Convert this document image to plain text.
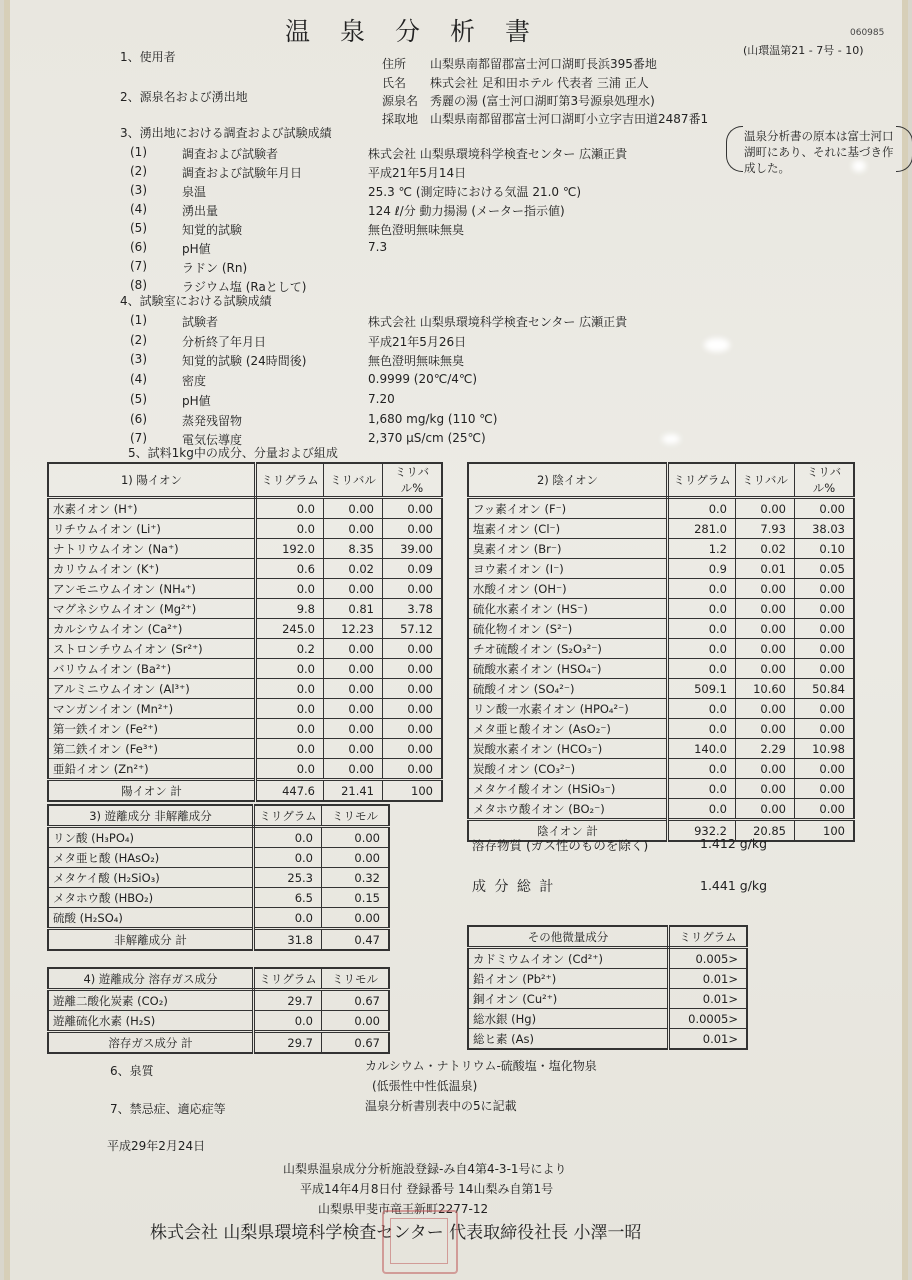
温泉分析書	060985
(山環温第21 - 7号 - 10)
1、使用者	住所 山梨県南都留郡富士河口湖町長浜395番地
氏名 株式会社 足和田ホテル 代表者 三浦 正人
2、源泉名および湧出地	源泉名 秀麗の湯 (富士河口湖町第3号源泉処理水)
採取地 山梨県南都留郡富士河口湖町小立字吉田道2487番1
温泉分析書の原本は富士河口湖町にあり、それに基づき作成した。
3、湧出地における調査および試験成績
(1)	調査および試験者	株式会社 山梨県環境科学検査センター 広瀬正貴
(2)	調査および試験年月日	平成21年5月14日
(3)	泉温	25.3 ℃ (測定時における気温 21.0 ℃)
(4)	湧出量	124 ℓ/分 動力揚湯 (メーター指示値)
(5)	知覚的試験	無色澄明無味無臭
(6)	pH値	7.3
(7)	ラドン (Rn)
(8)	ラジウム塩 (Raとして)
4、試験室における試験成績
(1)	試験者	株式会社 山梨県環境科学検査センター 広瀬正貴
(2)	分析終了年月日	平成21年5月26日
(3)	知覚的試験 (24時間後)	無色澄明無味無臭
(4)	密度	0.9999 (20℃/4℃)
(5)	pH値	7.20
(6)	蒸発残留物	1,680 mg/kg (110 ℃)
(7)	電気伝導度	2,370 μS/cm (25℃)
5、試料1kg中の成分、分量および組成
1) 陽イオン	ミリグラム	ミリバル	ミリバル%
水素イオン (H⁺)	0.0	0.00	0.00
リチウムイオン (Li⁺)	0.0	0.00	0.00
ナトリウムイオン (Na⁺)	192.0	8.35	39.00
カリウムイオン (K⁺)	0.6	0.02	0.09
アンモニウムイオン (NH₄⁺)	0.0	0.00	0.00
マグネシウムイオン (Mg²⁺)	9.8	0.81	3.78
カルシウムイオン (Ca²⁺)	245.0	12.23	57.12
ストロンチウムイオン (Sr²⁺)	0.2	0.00	0.00
バリウムイオン (Ba²⁺)	0.0	0.00	0.00
アルミニウムイオン (Al³⁺)	0.0	0.00	0.00
マンガンイオン (Mn²⁺)	0.0	0.00	0.00
第一鉄イオン (Fe²⁺)	0.0	0.00	0.00
第二鉄イオン (Fe³⁺)	0.0	0.00	0.00
亜鉛イオン (Zn²⁺)	0.0	0.00	0.00
陽イオン 計	447.6	21.41	100
2) 陰イオン	ミリグラム	ミリバル	ミリバル%
フッ素イオン (F⁻)	0.0	0.00	0.00
塩素イオン (Cl⁻)	281.0	7.93	38.03
臭素イオン (Br⁻)	1.2	0.02	0.10
ヨウ素イオン (I⁻)	0.9	0.01	0.05
水酸イオン (OH⁻)	0.0	0.00	0.00
硫化水素イオン (HS⁻)	0.0	0.00	0.00
硫化物イオン (S²⁻)	0.0	0.00	0.00
チオ硫酸イオン (S₂O₃²⁻)	0.0	0.00	0.00
硫酸水素イオン (HSO₄⁻)	0.0	0.00	0.00
硫酸イオン (SO₄²⁻)	509.1	10.60	50.84
リン酸一水素イオン (HPO₄²⁻)	0.0	0.00	0.00
メタ亜ヒ酸イオン (AsO₂⁻)	0.0	0.00	0.00
炭酸水素イオン (HCO₃⁻)	140.0	2.29	10.98
炭酸イオン (CO₃²⁻)	0.0	0.00	0.00
メタケイ酸イオン (HSiO₃⁻)	0.0	0.00	0.00
メタホウ酸イオン (BO₂⁻)	0.0	0.00	0.00
陰イオン 計	932.2	20.85	100
3) 遊離成分 非解離成分	ミリグラム	ミリモル
リン酸 (H₃PO₄)	0.0	0.00
メタ亜ヒ酸 (HAsO₂)	0.0	0.00
メタケイ酸 (H₂SiO₃)	25.3	0.32
メタホウ酸 (HBO₂)	6.5	0.15
硫酸 (H₂SO₄)	0.0	0.00
非解離成分 計	31.8	0.47
4) 遊離成分 溶存ガス成分	ミリグラム	ミリモル
遊離二酸化炭素 (CO₂)	29.7	0.67
遊離硫化水素 (H₂S)	0.0	0.00
溶存ガス成分 計	29.7	0.67
溶存物質 (ガス性のものを除く)	1.412 g/kg
成 分 総 計	1.441 g/kg
その他微量成分	ミリグラム
カドミウムイオン (Cd²⁺)	0.005>
鉛イオン (Pb²⁺)	0.01>
銅イオン (Cu²⁺)	0.01>
総水銀 (Hg)	0.0005>
総ヒ素 (As)	0.01>
6、泉質	カルシウム・ナトリウム-硫酸塩・塩化物泉
(低張性中性低温泉)
7、禁忌症、適応症等	温泉分析書別表中の5に記載
平成29年2月24日
山梨県温泉成分分析施設登録-み自4第4-3-1号により
平成14年4月8日付 登録番号 14山梨み自第1号
山梨県甲斐市竜王新町2277-12
株式会社 山梨県環境科学検査センター 代表取締役社長 小澤一昭
